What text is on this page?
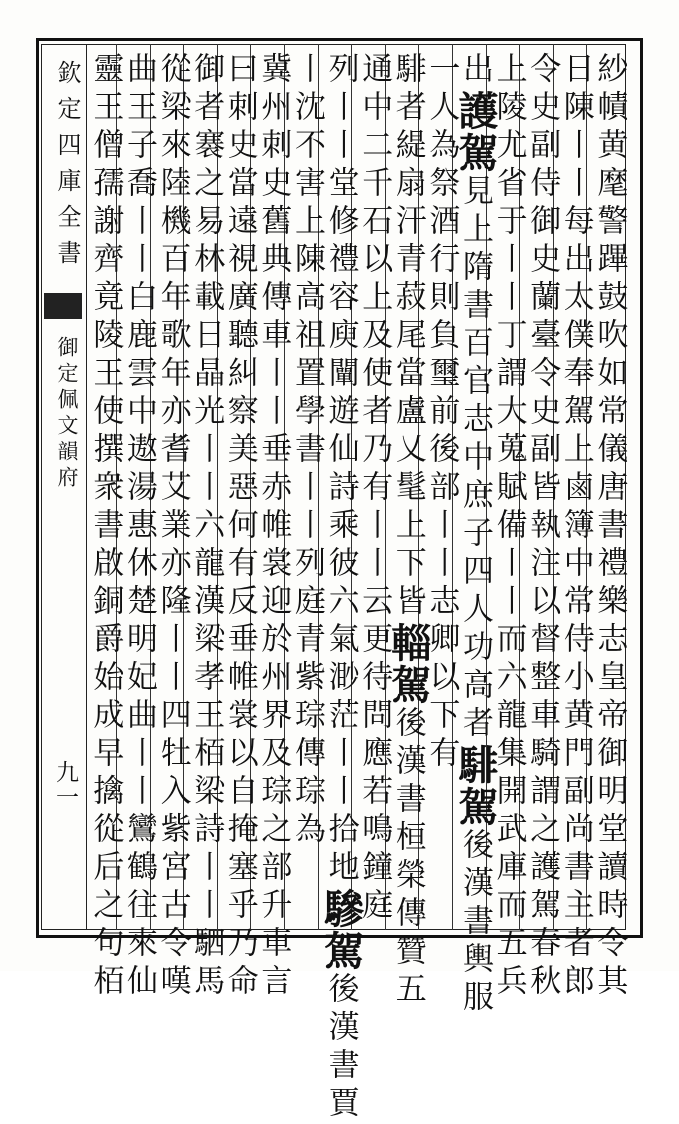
欽定四庫全書
御定佩文韻府
九一	紗幘黄麾警蹕鼓吹如常儀唐書禮樂志皇帝御明堂讀時令其
日陳丨丨每出太僕奉駕上鹵簿中常侍小黄門副尚書主者郎
令史副侍御史蘭臺令史副皆執注以督整車騎謂之護駕春秋
上陵尤省于丨丨丁謂大蒐賦備丨丨而六龍集開武庫而五兵
出護駕見上隋書百官志中庶子四人功高者騑駕後漢書輿服
一人為祭酒行則負璽前後部丨丨志卿以下有
騑者緹扇汗青菽尾當盧乂髦上下皆輜駕後漢書桓榮傳贊五
通中二千石以上及使者乃有丨丨云更待問應若鳴鐘庭
列丨丨堂修禮容庾闡遊仙詩乘彼六氣渺茫丨丨拾地驂駕後漢書賈
丨沈不害上陳高祖置學書丨丨列庭青紫琮傳琮為
冀州刺史舊典傳車丨丨垂赤帷裳迎於州界及琮之部升車言
曰刺史當遠視廣聽糾察美惡何有反垂帷裳以自掩塞乎乃命
御者褰之易林載日晶光丨丨六龍漢梁孝王栢梁詩丨丨駟馬
從梁來陸機百年歌年亦耆艾業亦隆丨丨四牡入紫宮古令嘆
曲王子喬丨丨白鹿雲中遨湯惠休楚明妃曲丨丨鸞鶴往來仙
靈王僧孺謝齊竟陵王使撰衆書啟銅爵始成早擒從后之句栢
